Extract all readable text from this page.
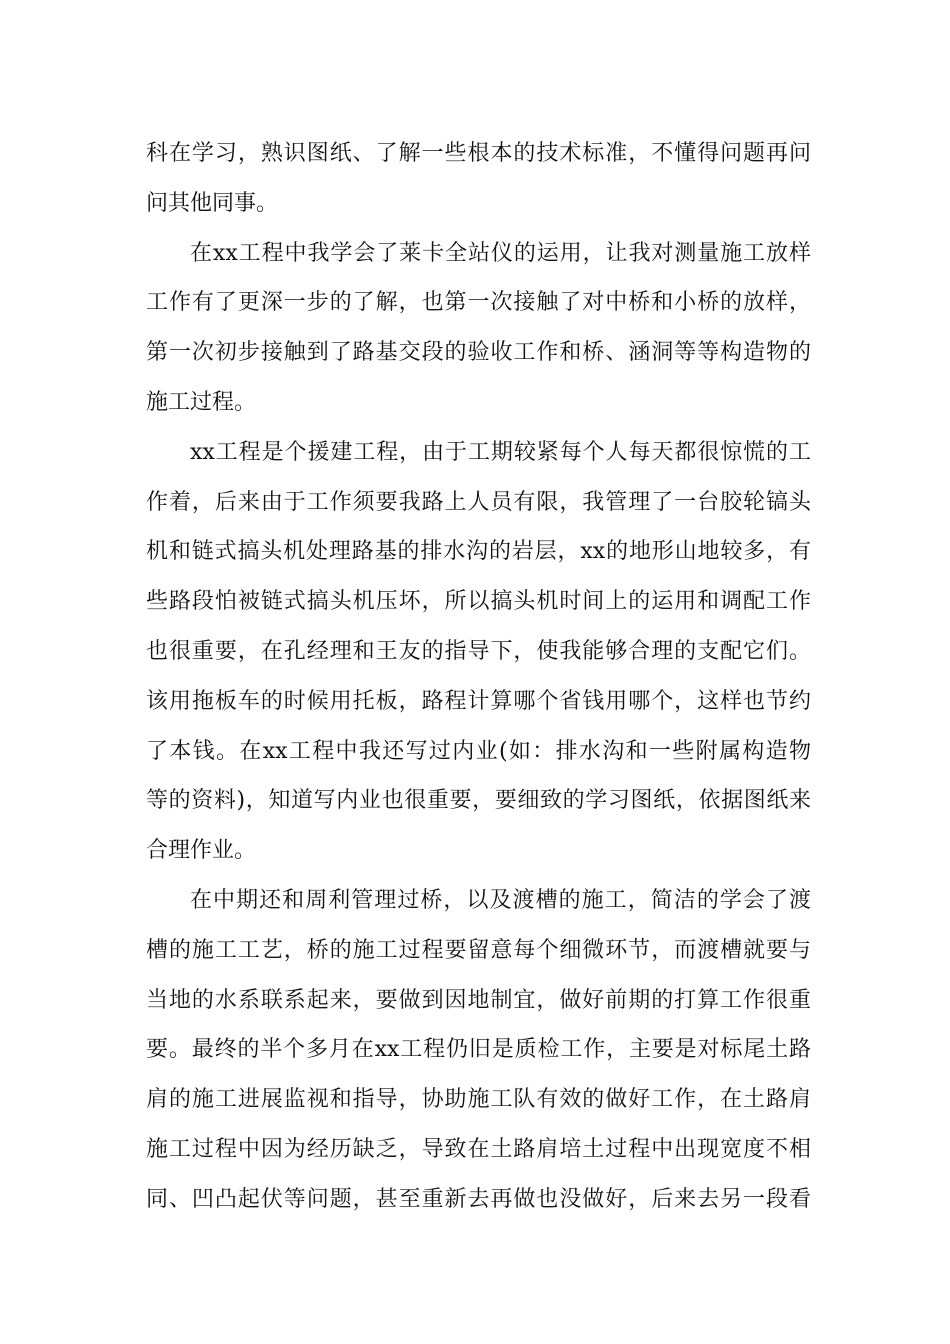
科在学习，熟识图纸、了解一些根本的技术标准，不懂得问题再问
问其他同事。
在xx工程中我学会了莱卡全站仪的运用，让我对测量施工放样
工作有了更深一步的了解，也第一次接触了对中桥和小桥的放样，
第一次初步接触到了路基交段的验收工作和桥、涵洞等等构造物的
施工过程。
xx工程是个援建工程，由于工期较紧每个人每天都很惊慌的工
作着，后来由于工作须要我路上人员有限，我管理了一台胶轮镐头
机和链式搞头机处理路基的排水沟的岩层，xx的地形山地较多，有
些路段怕被链式搞头机压坏，所以搞头机时间上的运用和调配工作
也很重要，在孔经理和王友的指导下，使我能够合理的支配它们。
该用拖板车的时候用托板，路程计算哪个省钱用哪个，这样也节约
了本钱。在xx工程中我还写过内业(如：排水沟和一些附属构造物
等的资料)，知道写内业也很重要，要细致的学习图纸，依据图纸来
合理作业。
在中期还和周利管理过桥，以及渡槽的施工，简洁的学会了渡
槽的施工工艺，桥的施工过程要留意每个细微环节，而渡槽就要与
当地的水系联系起来，要做到因地制宜，做好前期的打算工作很重
要。最终的半个多月在xx工程仍旧是质检工作，主要是对标尾土路
肩的施工进展监视和指导，协助施工队有效的做好工作，在土路肩
施工过程中因为经历缺乏，导致在土路肩培土过程中出现宽度不相
同、凹凸起伏等问题，甚至重新去再做也没做好，后来去另一段看
